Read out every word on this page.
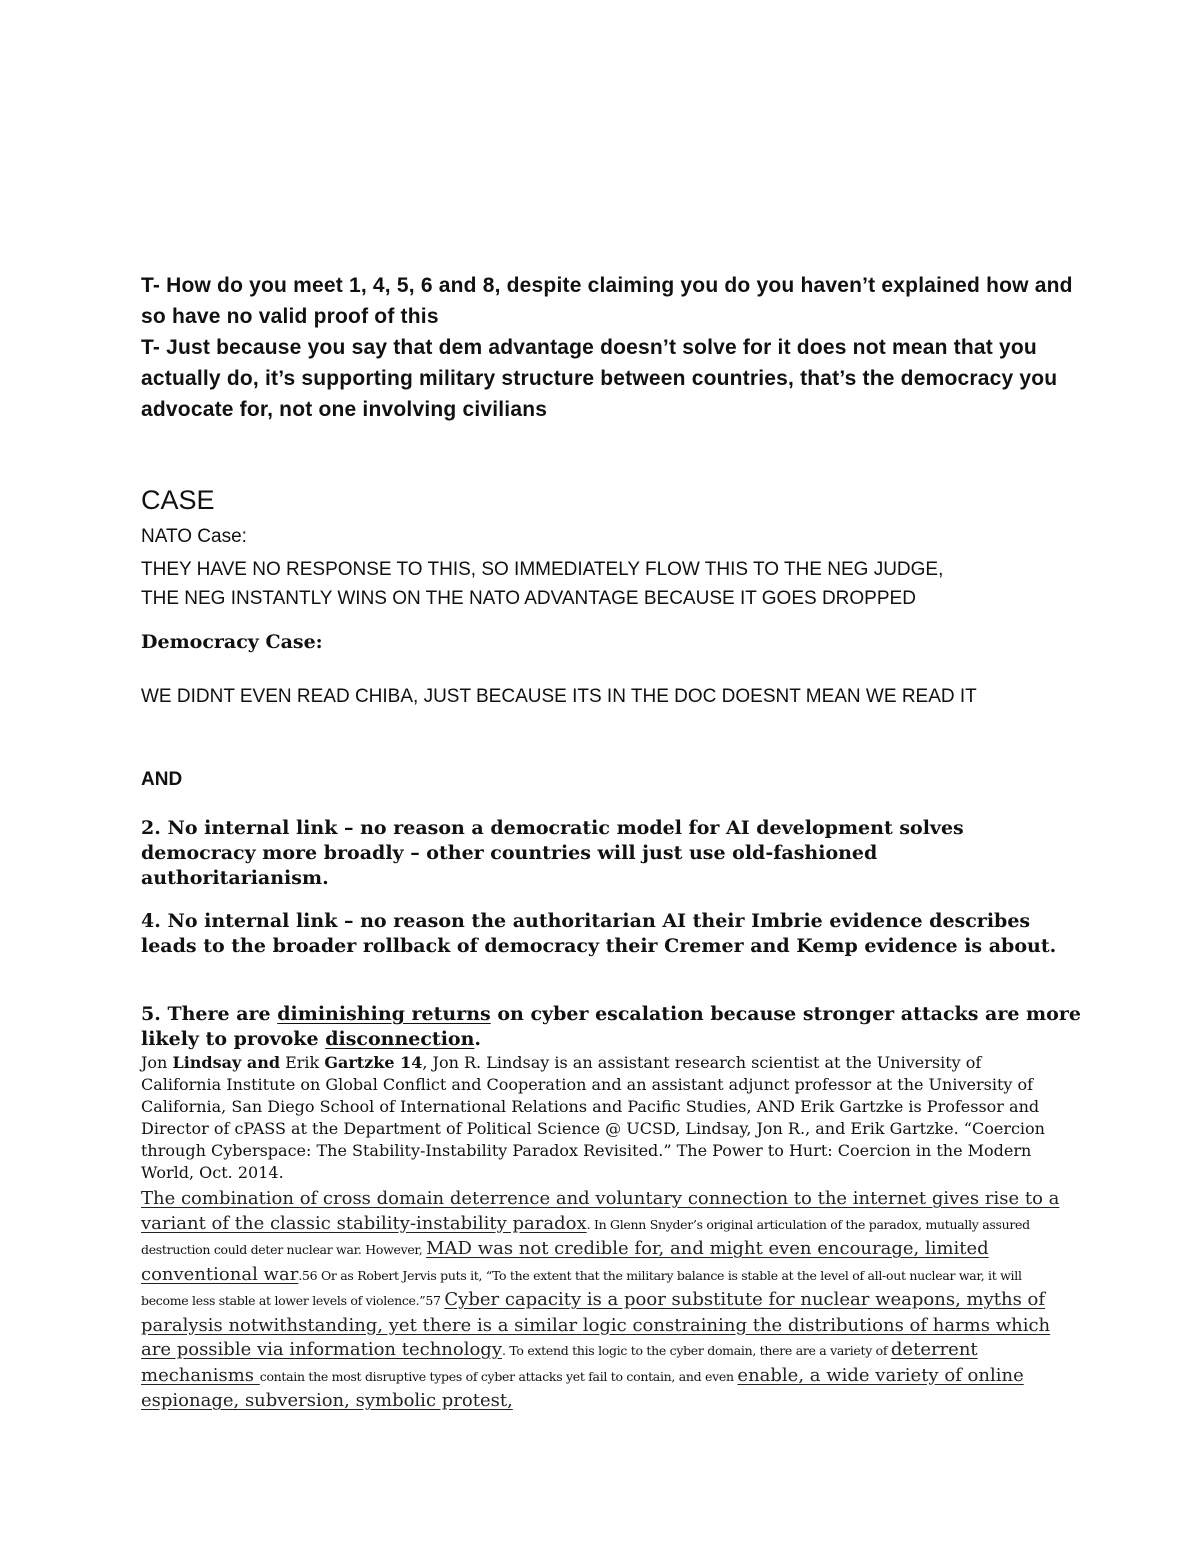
T- How do you meet 1, 4, 5, 6 and 8, despite claiming you do you haven’t explained how and so have no valid proof of this

T- Just because you say that dem advantage doesn’t solve for it does not mean that you actually do, it’s supporting military structure between countries, that’s the democracy you advocate for, not one involving civilians

CASE
NATO Case:
THEY HAVE NO RESPONSE TO THIS, SO IMMEDIATELY FLOW THIS TO THE NEG JUDGE,
THE NEG INSTANTLY WINS ON THE NATO ADVANTAGE BECAUSE IT GOES DROPPED
Democracy Case:
WE DIDNT EVEN READ CHIBA, JUST BECAUSE ITS IN THE DOC DOESNT MEAN WE READ IT
AND

2. No internal link – no reason a democratic model for AI development solves democracy more broadly – other countries will just use old-fashioned authoritarianism.

4. No internal link – no reason the authoritarian AI their Imbrie evidence describes leads to the broader rollback of democracy their Cremer and Kemp evidence is about.

5. There are diminishing returns on cyber escalation because stronger attacks are more likely to provoke disconnection.

Jon Lindsay and Erik Gartzke 14, Jon R. Lindsay is an assistant research scientist at the University of California Institute on Global Conflict and Cooperation and an assistant adjunct professor at the University of California, San Diego School of International Relations and Pacific Studies, AND Erik Gartzke is Professor and Director of cPASS at the Department of Political Science @ UCSD, Lindsay, Jon R., and Erik Gartzke. “Coercion through Cyberspace: The Stability-Instability Paradox Revisited.” The Power to Hurt: Coercion in the Modern World, Oct. 2014.

The combination of cross domain deterrence and voluntary connection to the internet gives rise to a variant of the classic stability-instability paradox. In Glenn Snyder’s original articulation of the paradox, mutually assured destruction could deter nuclear war. However, MAD was not credible for, and might even encourage, limited conventional war.56 Or as Robert Jervis puts it, “To the extent that the military balance is stable at the level of all-out nuclear war, it will become less stable at lower levels of violence.”57 Cyber capacity is a poor substitute for nuclear weapons, myths of paralysis notwithstanding, yet there is a similar logic constraining the distributions of harms which are possible via information technology. To extend this logic to the cyber domain, there are a variety of deterrent mechanisms contain the most disruptive types of cyber attacks yet fail to contain, and even enable, a wide variety of online espionage, subversion, symbolic protest,
